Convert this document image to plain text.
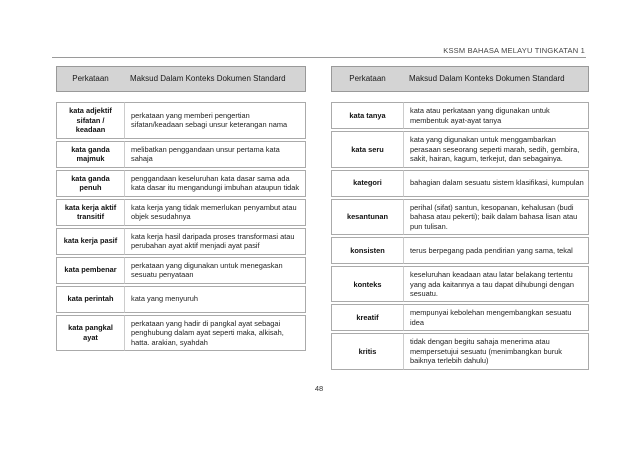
KSSM BAHASA MELAYU TINGKATAN 1
Perkataan	Maksud Dalam Konteks Dokumen Standard

kata adjektif sifatan / keadaan	perkataan yang memberi pengertian sifatan/keadaan sebagi unsur keterangan nama
kata ganda majmuk	melibatkan penggandaan unsur pertama kata sahaja
kata ganda penuh	penggandaan keseluruhan kata dasar sama ada kata dasar itu mengandungi imbuhan ataupun tidak
kata kerja aktif transitif	kata kerja yang tidak memerlukan penyambut atau objek sesudahnya
kata kerja pasif	kata kerja hasil daripada proses transformasi atau perubahan ayat aktif menjadi ayat pasif
kata pembenar	perkataan yang digunakan untuk menegaskan sesuatu penyataan
kata perintah	kata yang menyuruh
kata pangkal ayat	perkataan yang hadir di pangkal ayat sebagai penghubung dalam ayat seperti maka, alkisah, hatta. arakian, syahdah
Perkataan	Maksud Dalam Konteks Dokumen Standard

kata tanya	kata atau perkataan yang digunakan untuk membentuk ayat-ayat tanya
kata seru	kata yang digunakan untuk menggambarkan perasaan seseorang seperti marah, sedih, gembira, sakit, hairan, kagum, terkejut, dan sebagainya.
kategori	bahagian dalam sesuatu sistem klasifikasi, kumpulan
kesantunan	perihal (sifat) santun, kesopanan, kehalusan (budi bahasa atau pekerti); baik dalam bahasa lisan atau pun tulisan.
konsisten	terus berpegang pada pendirian yang sama, tekal
konteks	keseluruhan keadaan atau latar belakang tertentu yang ada kaitannya a tau dapat dihubungi dengan sesuatu.
kreatif	mempunyai kebolehan mengembangkan sesuatu idea
kritis	tidak dengan begitu sahaja menerima atau mempersetujui sesuatu (menimbangkan buruk baiknya terlebih dahulu)
48
